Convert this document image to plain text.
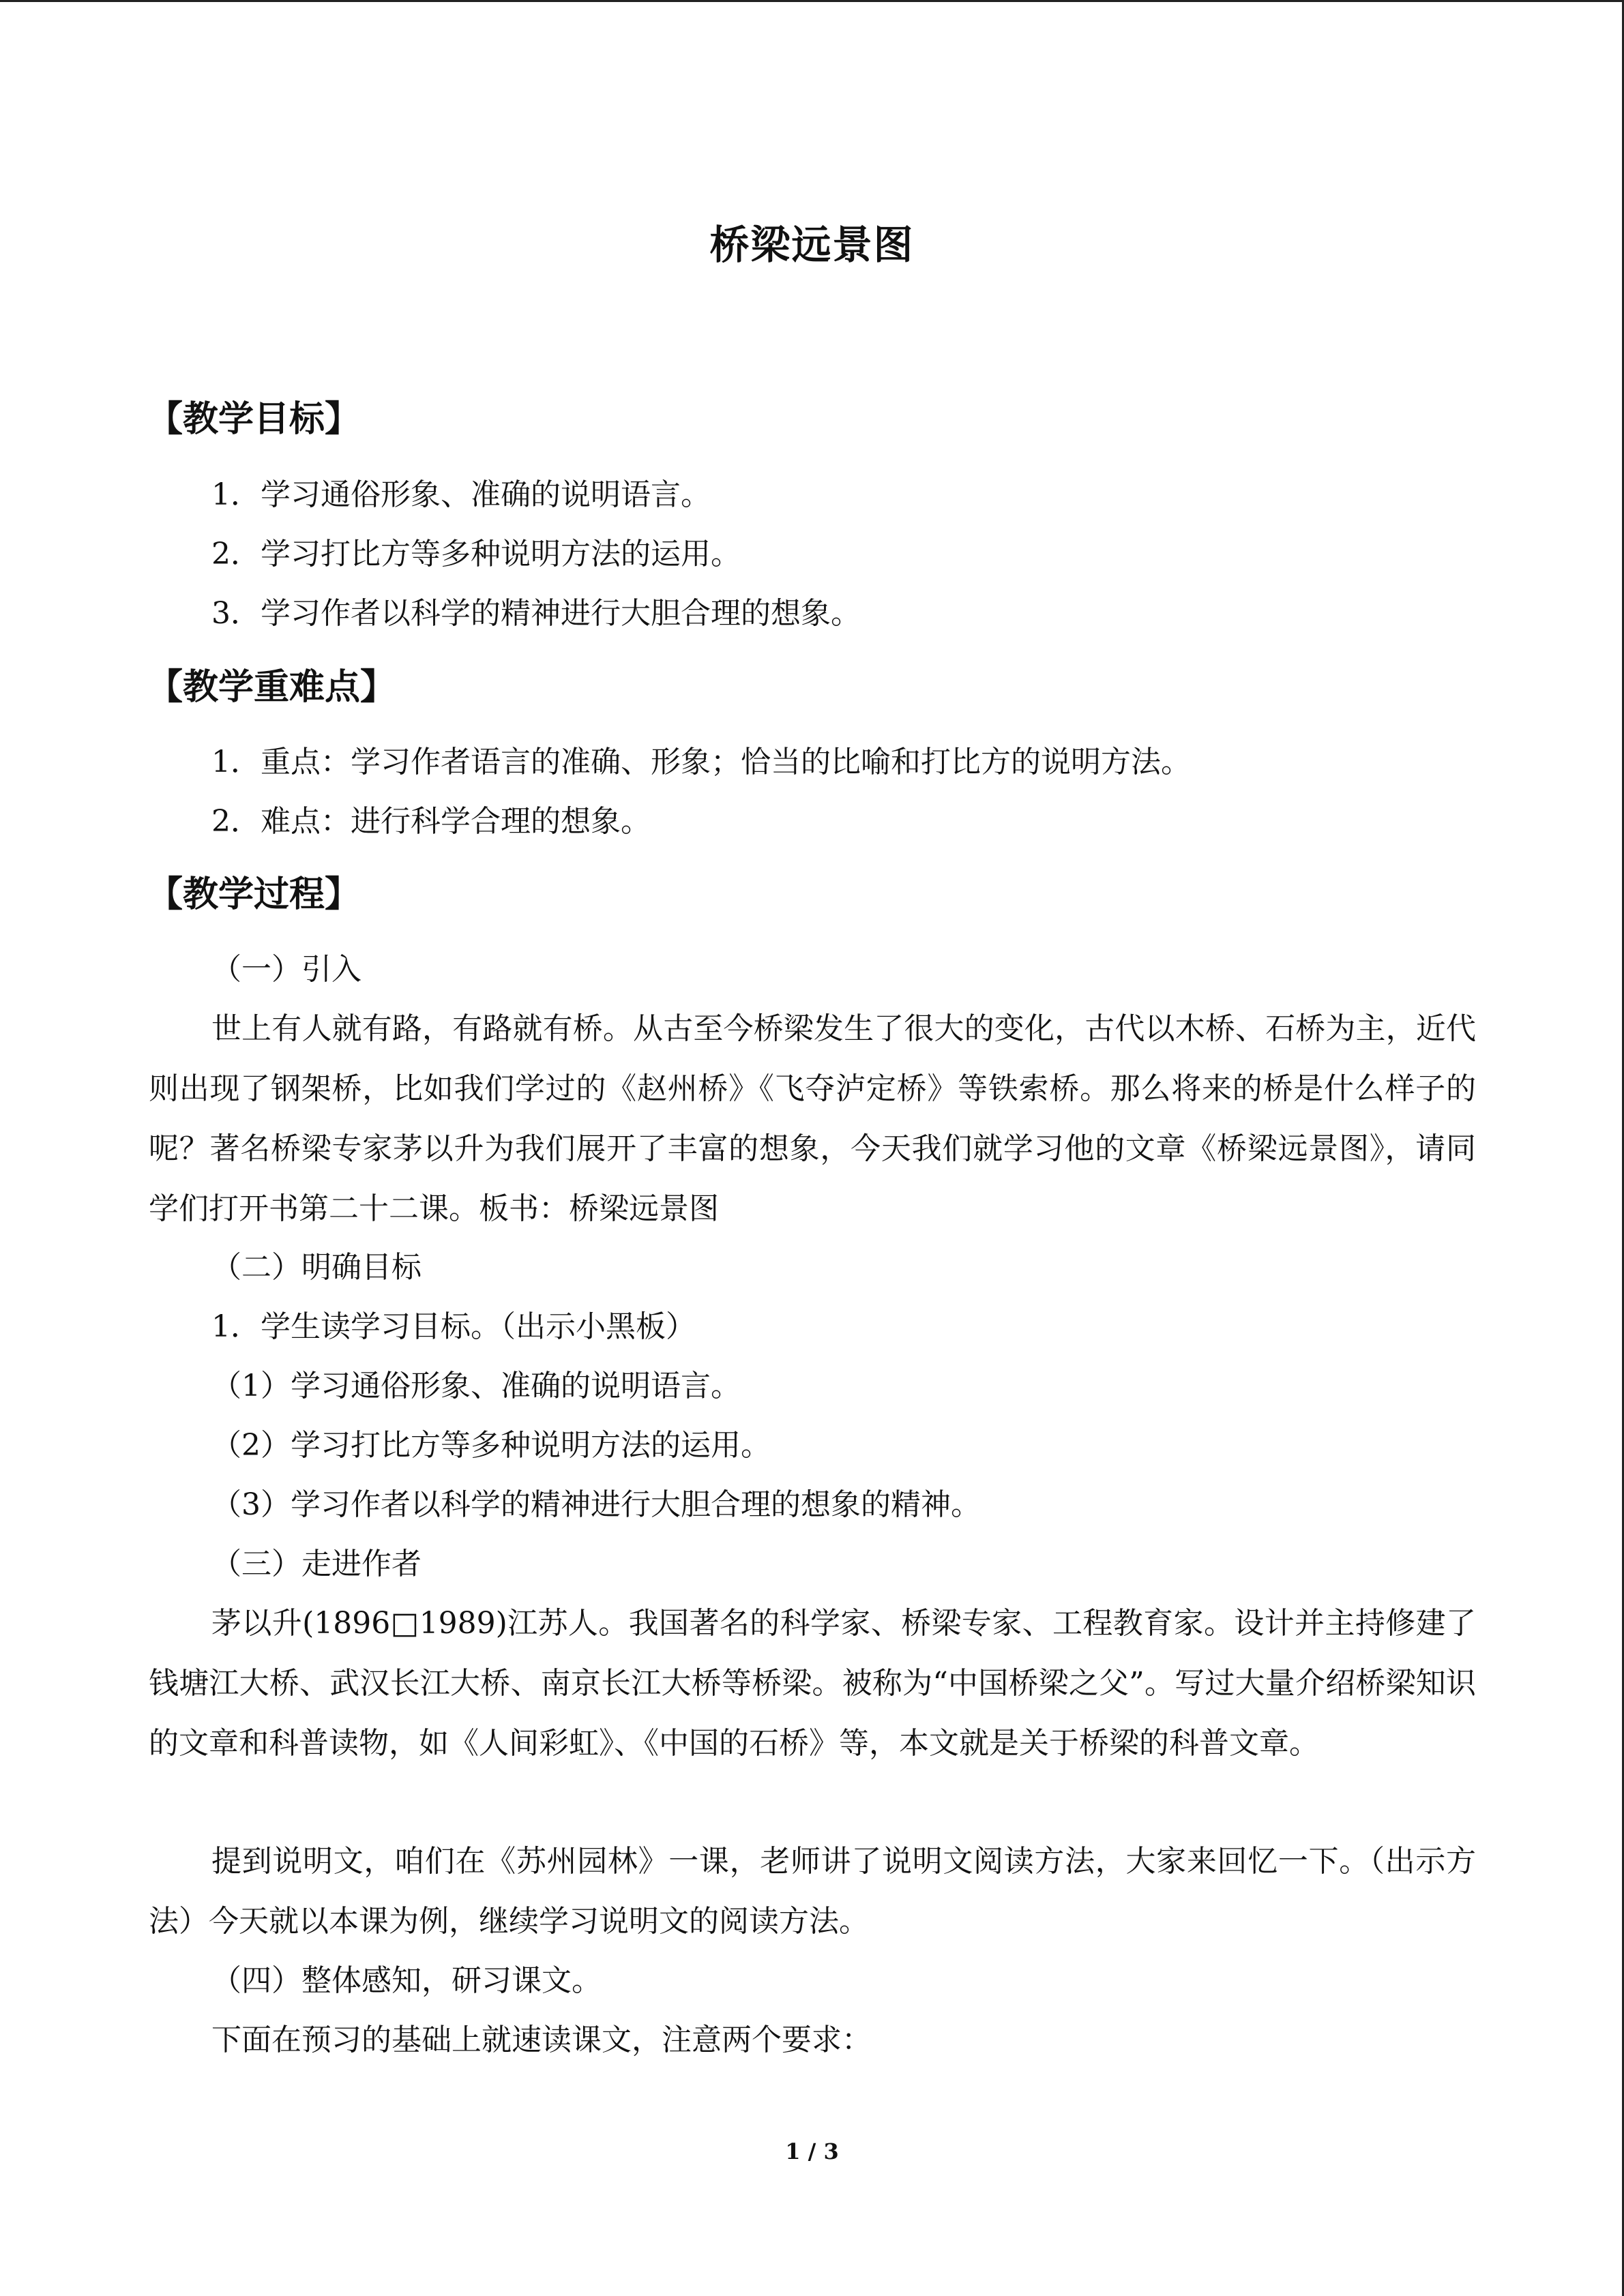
桥梁远景图
【教学目标】
1．学习通俗形象、准确的说明语言。
2．学习打比方等多种说明方法的运用。
3．学习作者以科学的精神进行大胆合理的想象。
【教学重难点】
1．重点：学习作者语言的准确、形象；恰当的比喻和打比方的说明方法。
2．难点：进行科学合理的想象。
【教学过程】
（一）引入
世上有人就有路，有路就有桥。从古至今桥梁发生了很大的变化，古代以木桥、石桥为主，近代则出现了钢架桥，比如我们学过的《赵州桥》《飞夺泸定桥》等铁索桥。那么将来的桥是什么样子的呢？著名桥梁专家茅以升为我们展开了丰富的想象，今天我们就学习他的文章《桥梁远景图》，请同学们打开书第二十二课。板书：桥梁远景图
（二）明确目标
1．学生读学习目标。（出示小黑板）
（1）学习通俗形象、准确的说明语言。
（2）学习打比方等多种说明方法的运用。
（3）学习作者以科学的精神进行大胆合理的想象的精神。
（三）走进作者
茅以升(1896□1989)江苏人。我国著名的科学家、桥梁专家、工程教育家。设计并主持修建了钱塘江大桥、武汉长江大桥、南京长江大桥等桥梁。被称为“中国桥梁之父”。写过大量介绍桥梁知识的文章和科普读物，如《人间彩虹》、《中国的石桥》等，本文就是关于桥梁的科普文章。
提到说明文，咱们在《苏州园林》一课，老师讲了说明文阅读方法，大家来回忆一下。（出示方法）今天就以本课为例，继续学习说明文的阅读方法。
（四）整体感知，研习课文。
下面在预习的基础上就速读课文，注意两个要求：
1 / 3
